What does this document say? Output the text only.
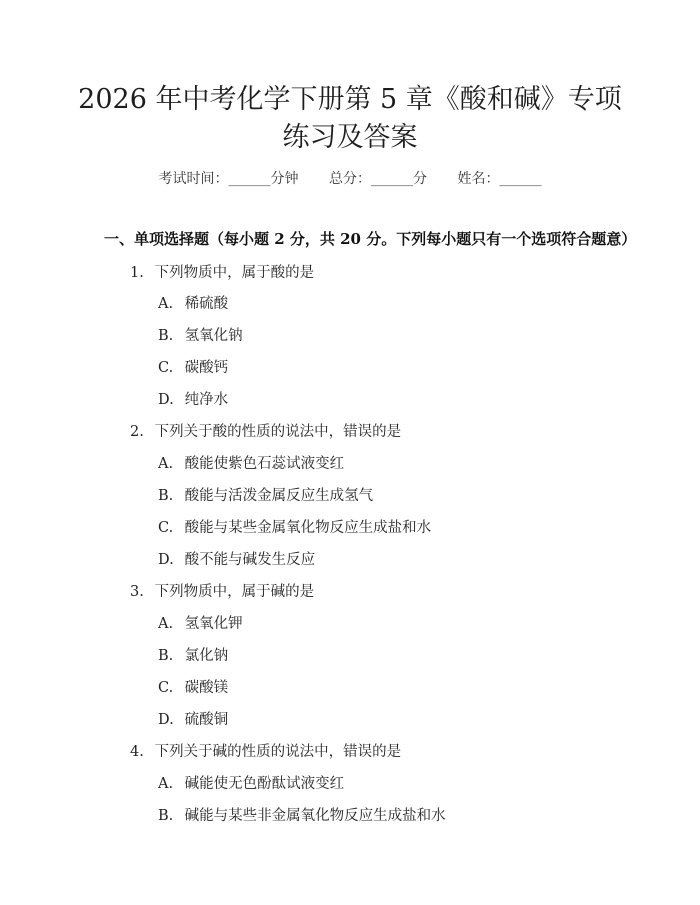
2026 年中考化学下册第 5 章《酸和碱》专项
练习及答案
考试时间：______分钟 总分：______分 姓名：______
一、单项选择题（每小题 2 分，共 20 分。下列每小题只有一个选项符合题意）
1. 下列物质中，属于酸的是
A. 稀硫酸
B. 氢氧化钠
C. 碳酸钙
D. 纯净水
2. 下列关于酸的性质的说法中，错误的是
A. 酸能使紫色石蕊试液变红
B. 酸能与活泼金属反应生成氢气
C. 酸能与某些金属氧化物反应生成盐和水
D. 酸不能与碱发生反应
3. 下列物质中，属于碱的是
A. 氢氧化钾
B. 氯化钠
C. 碳酸镁
D. 硫酸铜
4. 下列关于碱的性质的说法中，错误的是
A. 碱能使无色酚酞试液变红
B. 碱能与某些非金属氧化物反应生成盐和水
